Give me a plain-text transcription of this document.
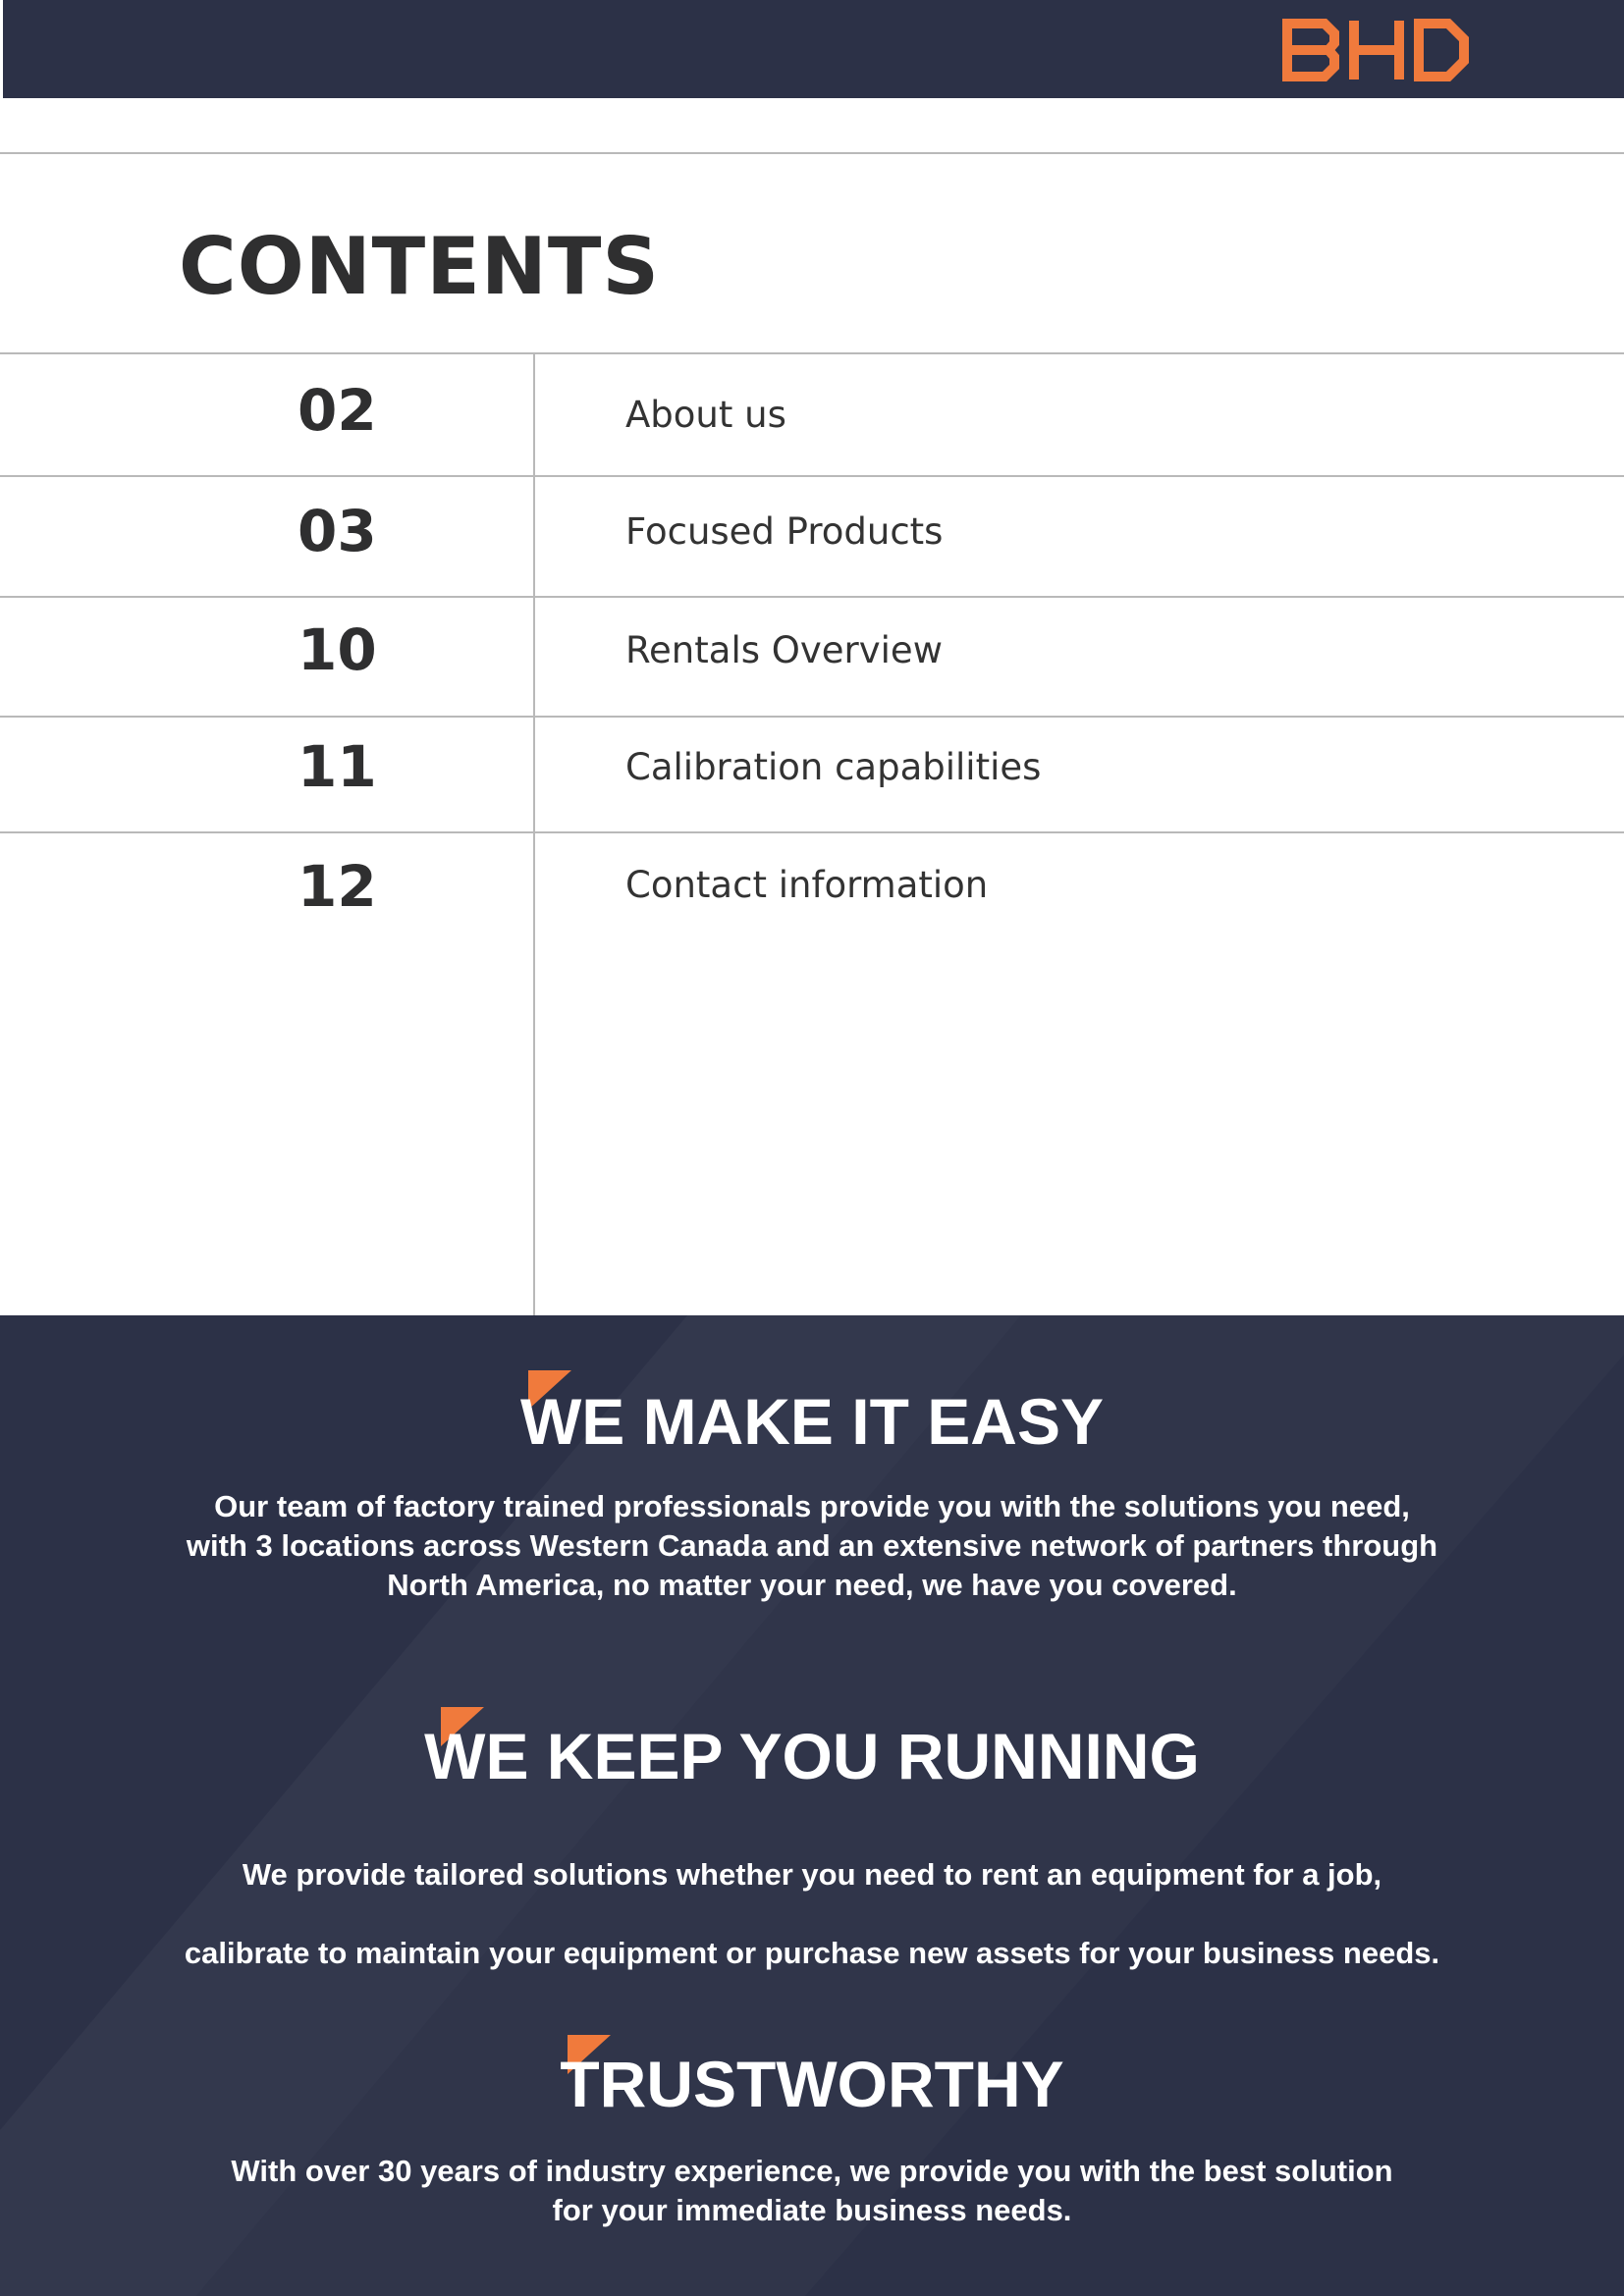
CONTENTS
02	About us
03	Focused Products
10	Rentals Overview
11	Calibration capabilities
12	Contact information
WE MAKE IT EASY

Our team of factory trained professionals provide you with the solutions you need,
with 3 locations across Western Canada and an extensive network of partners through
North America, no matter your need, we have you covered.

WE KEEP YOU RUNNING

We provide tailored solutions whether you need to rent an equipment for a job,
calibrate to maintain your equipment or purchase new assets for your business needs.

TRUSTWORTHY

With over 30 years of industry experience, we provide you with the best solution
for your immediate business needs.
